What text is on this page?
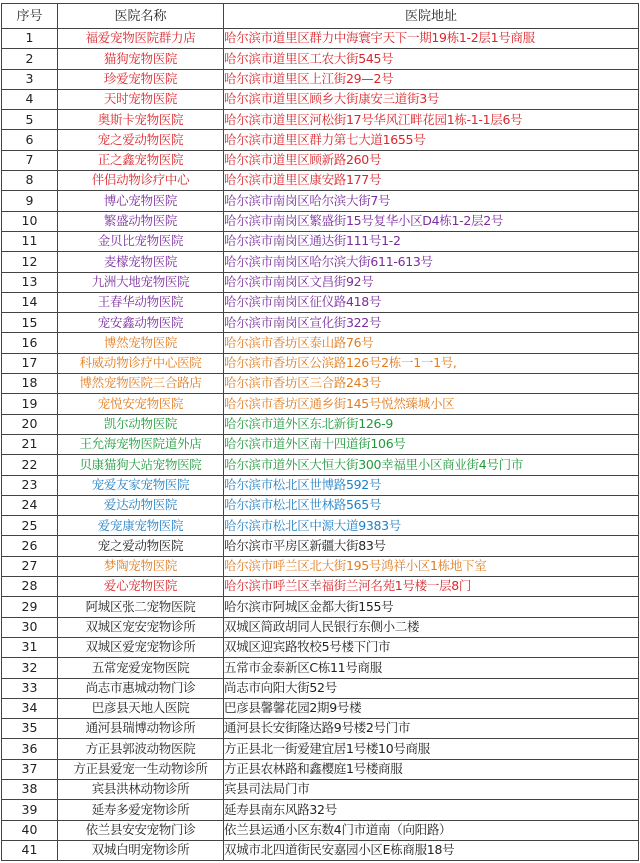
序号	医院名称	医院地址
1	福爱宠物医院群力店	哈尔滨市道里区群力中海寰宇天下一期19栋1-2层1号商服
2	猫狗宠物医院	哈尔滨市道里区工农大街545号
3	珍爱宠物医院	哈尔滨市道里区上江街29—2号
4	天时宠物医院	哈尔滨市道里区顾乡大街康安三道街3号
5	奥斯卡宠物医院	哈尔滨市道里区河松街17号华风江畔花园1栋-1-1层6号
6	宠之爱动物医院	哈尔滨市道里区群力第七大道1655号
7	正之鑫宠物医院	哈尔滨市道里区顾新路260号
8	伴侣动物诊疗中心	哈尔滨市道里区康安路177号
9	博心宠物医院	哈尔滨市南岗区哈尔滨大街7号
10	繁盛动物医院	哈尔滨市南岗区繁盛街15号复华小区D4栋1-2层2号
11	金贝比宠物医院	哈尔滨市南岗区通达街111号1-2
12	麦檬宠物医院	哈尔滨市南岗区哈尔滨大街611-613号
13	九洲大地宠物医院	哈尔滨市南岗区文昌街92号
14	王春华动物医院	哈尔滨市南岗区征仪路418号
15	宠安鑫动物医院	哈尔滨市南岗区宣化街322号
16	博然宠物医院	哈尔滨市香坊区泰山路76号
17	科威动物诊疗中心医院	哈尔滨市香坊区公滨路126号2栋一1一1号,
18	博然宠物医院三合路店	哈尔滨市香坊区三合路243号
19	宠悦安宠物医院	哈尔滨市香坊区通乡街145号悦然臻城小区
20	凯尔动物医院	哈尔滨市道外区东北新街126-9
21	王允海宠物医院道外店	哈尔滨市道外区南十四道街106号
22	贝康猫狗大站宠物医院	哈尔滨市道外区大恒大街300幸福里小区商业街4号门市
23	宠爱友家宠物医院	哈尔滨市松北区世博路592号
24	爱达动物医院	哈尔滨市松北区世林路565号
25	爱宠康宠物医院	哈尔滨市松北区中源大道9383号
26	宠之爱动物医院	哈尔滨市平房区新疆大街83号
27	梦陶宠物医院	哈尔滨市呼兰区北大街195号鸿祥小区1栋地下室
28	爱心宠物医院	哈尔滨市呼兰区幸福街兰河名苑1号楼一层8门
29	阿城区张二宠物医院	哈尔滨市阿城区金都大街155号
30	双城区宠安宠物诊所	双城区简政胡同人民银行东侧小二楼
31	双城区爱宠宠物诊所	双城区迎宾路牧校5号楼下门市
32	五常宠爱宠物医院	五常市金泰新区C栋11号商服
33	尚志市惠城动物门诊	尚志市向阳大街52号
34	巴彦县天地人医院	巴彦县馨馨花园2期9号楼
35	通河县瑞博动物诊所	通河县长安街隆达路9号楼2号门市
36	方正县郭波动物医院	方正县北一街爱建宜居1号楼10号商服
37	方正县爱宠一生动物诊所	方正县农林路和鑫樱庭1号楼商服
38	宾县洪林动物诊所	宾县司法局门市
39	延寿多爱宠物诊所	延寿县南东风路32号
40	依兰县安安宠物门诊	依兰县运通小区东数4门市道南（向阳路）
41	双城白明宠物诊所	双城市北四道街民安嘉园小区E栋商服18号
